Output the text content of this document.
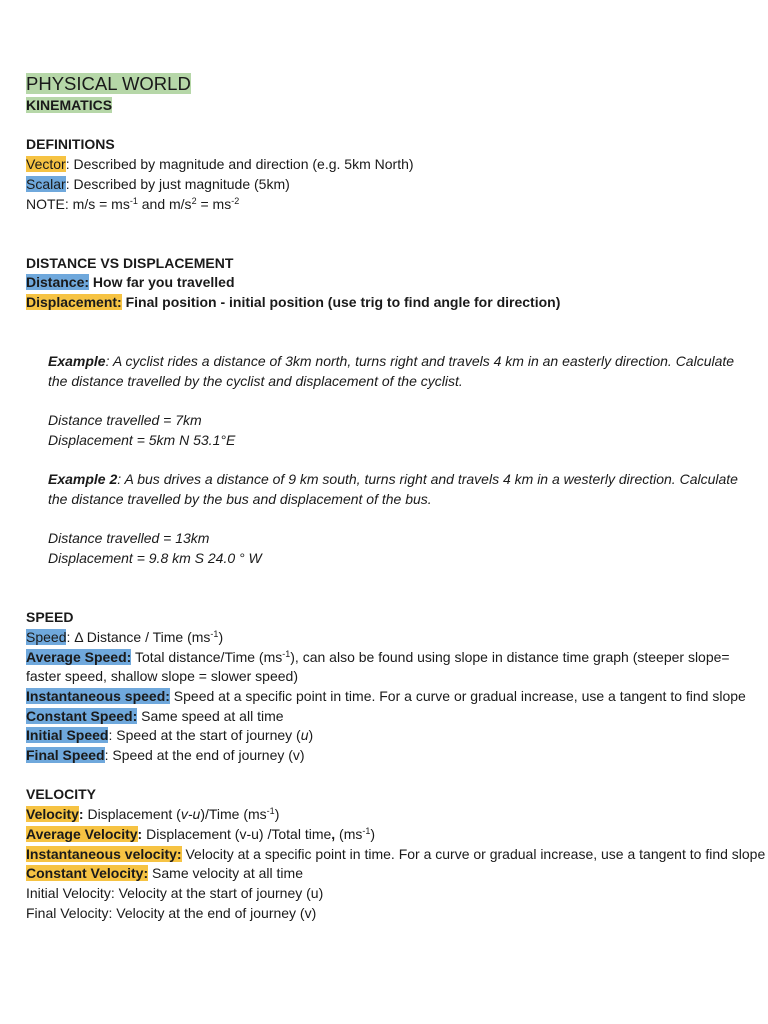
PHYSICAL WORLD
KINEMATICS
DEFINITIONS
Vector: Described by magnitude and direction (e.g. 5km North)
Scalar: Described by just magnitude (5km)
NOTE: $m/s = ms^{-1}$ and $m/s^2 = ms^{-2}$
DISTANCE VS DISPLACEMENT
Distance: How far you travelled
Displacement: Final position - initial position (use trig to find angle for direction)
Example: A cyclist rides a distance of 3km north, turns right and travels 4 km in an easterly direction. Calculate the distance travelled by the cyclist and displacement of the cyclist.
Distance travelled = 7km
Displacement = 5km N 53.1°E
Example 2: A bus drives a distance of 9 km south, turns right and travels 4 km in a westerly direction. Calculate the distance travelled by the bus and displacement of the bus.
Distance travelled = 13km
Displacement = 9.8 km S 24.0 ° W
SPEED
Speed: Δ Distance / Time $(ms^{-1})$
Average Speed: Total distance/Time $(ms^{-1})$, can also be found using slope in distance time graph (steeper slope=
faster speed, shallow slope = slower speed)
Instantaneous speed: Speed at a specific point in time. For a curve or gradual increase, use a tangent to find slope
Constant Speed: Same speed at all time
Initial Speed: Speed at the start of journey (u)
Final Speed: Speed at the end of journey (v)
VELOCITY
Velocity: Displacement (v-u)/Time $(ms^{-1})$
Average Velocity: Displacement (v-u) /Total time, $(ms^{-1})$
Instantaneous velocity: Velocity at a specific point in time. For a curve or gradual increase, use a tangent to find slope
Constant Velocity: Same velocity at all time
Initial Velocity: Velocity at the start of journey (u)
Final Velocity: Velocity at the end of journey (v)
